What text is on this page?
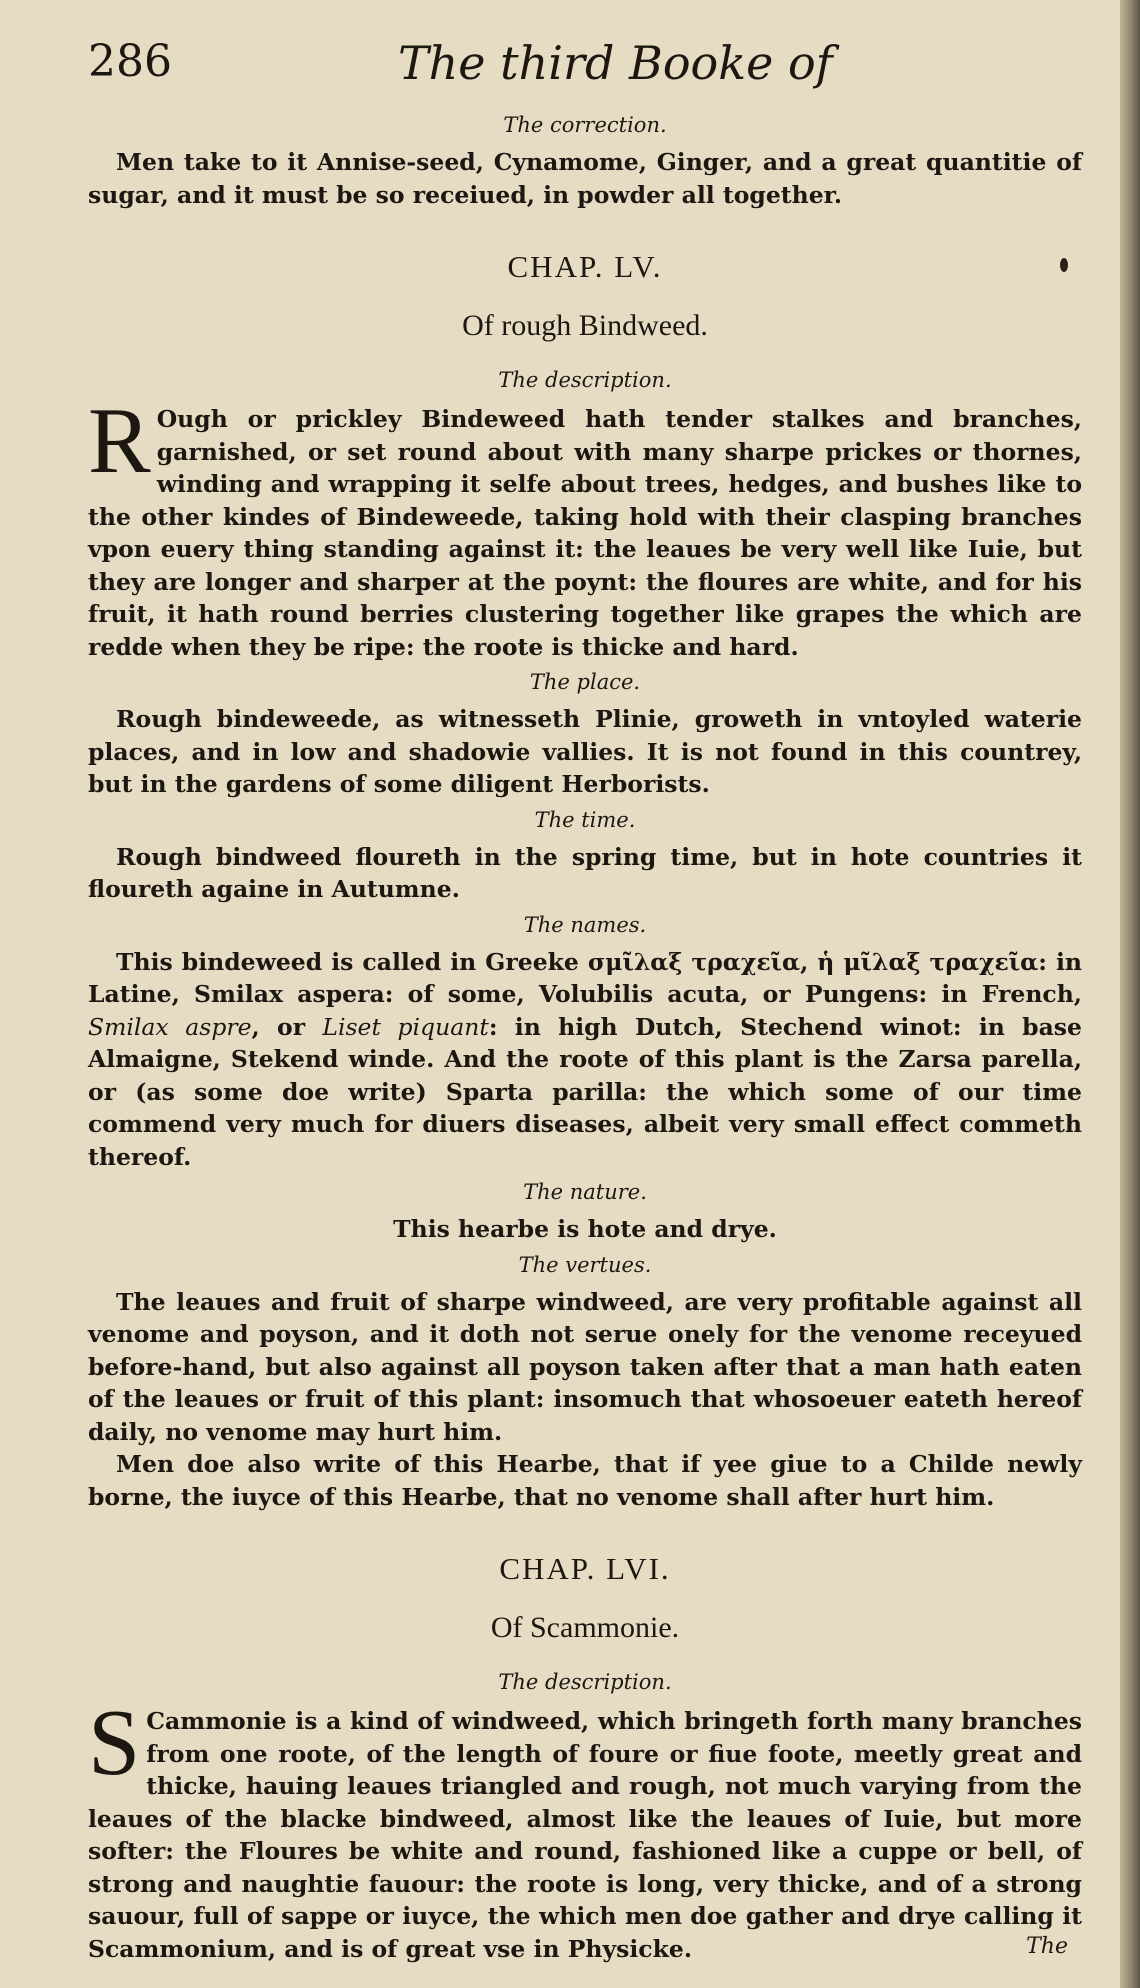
286	The third Booke of
The correction.

Men take to it Annise-seed, Cynamome, Ginger, and a great quantitie of sugar, and it must be so receiued, in powder all together.

CHAP. LV.
Of rough Bindweed.
The description.
R Ough or prickley Bindeweed hath tender stalkes and branches, garnished, or set round about with many sharpe prickes or thornes, winding and wrapping it selfe about trees, hedges, and bushes like to the other kindes of Bindeweede, taking hold with their clasping branches vpon euery thing standing against it: the leaues be very well like Iuie, but they are longer and sharper at the poynt: the floures are white, and for his fruit, it hath round berries clustering together like grapes the which are redde when they be ripe: the roote is thicke and hard.

The place.

Rough bindeweede, as witnesseth Plinie, groweth in vntoyled waterie places, and in low and shadowie vallies. It is not found in this countrey, but in the gardens of some diligent Herborists.

The time.

Rough bindweed floureth in the spring time, but in hote countries it floureth againe in Autumne.

The names.

This bindeweed is called in Greeke σμῖλαξ τραχεῖα, ἡ μῖλαξ τραχεῖα: in Latine, Smilax aspera: of some, Volubilis acuta, or Pungens: in French, Smilax aspre, or Liset piquant: in high Dutch, Stechend winot: in base Almaigne, Stekend winde. And the roote of this plant is the Zarsa parella, or (as some doe write) Sparta parilla: the which some of our time commend very much for diuers diseases, albeit very small effect commeth thereof.

The nature.

This hearbe is hote and drye.

The vertues.

The leaues and fruit of sharpe windweed, are very profitable against all venome and poyson, and it doth not serue onely for the venome receyued before-hand, but also against all poyson taken after that a man hath eaten of the leaues or fruit of this plant: insomuch that whosoeuer eateth hereof daily, no venome may hurt him.

Men doe also write of this Hearbe, that if yee giue to a Childe newly borne, the iuyce of this Hearbe, that no venome shall after hurt him.

CHAP. LVI.
Of Scammonie.
The description.
S Cammonie is a kind of windweed, which bringeth forth many branches from one roote, of the length of foure or fiue foote, meetly great and thicke, hauing leaues triangled and rough, not much varying from the leaues of the blacke bindweed, almost like the leaues of Iuie, but more softer: the Floures be white and round, fashioned like a cuppe or bell, of strong and naughtie fauour: the roote is long, very thicke, and of a strong sauour, full of sappe or iuyce, the which men doe gather and drye calling it Scammonium, and is of great vse in Physicke.	The
